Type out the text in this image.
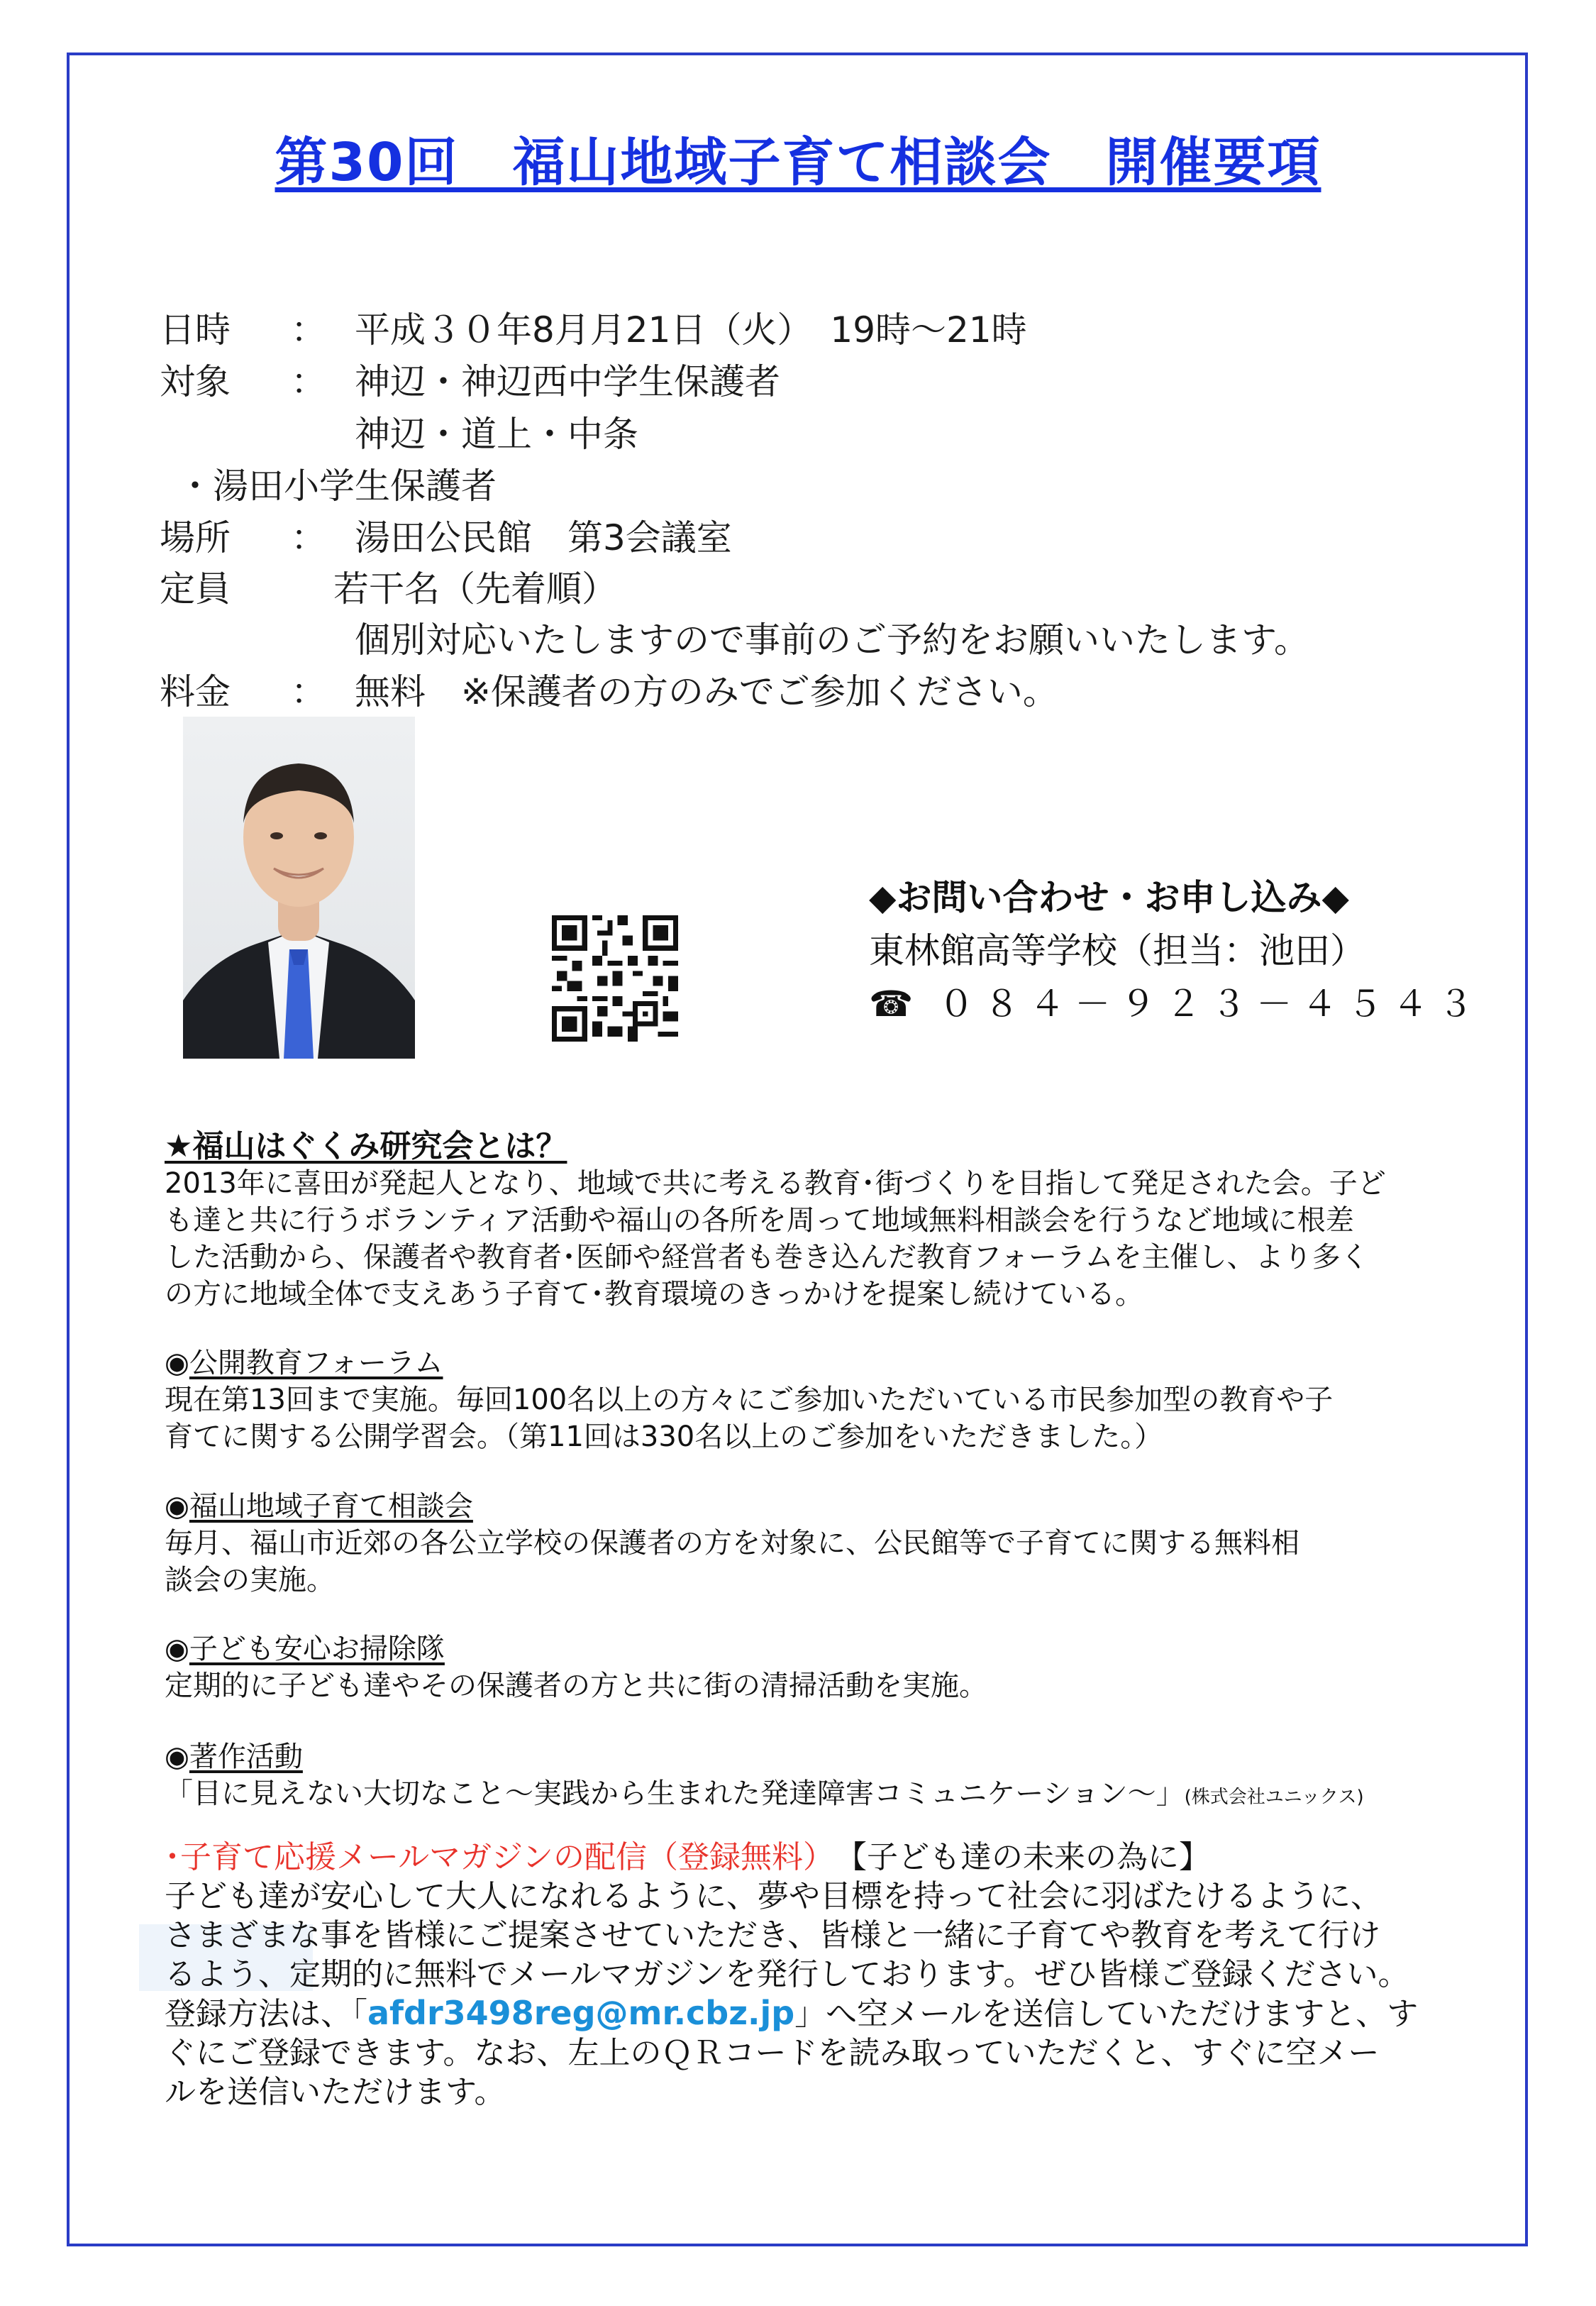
第30回　福山地域子育て相談会　開催要項
日時 ： 平成３０年8月月21日（火）　19時～21時
対象 ： 神辺・神辺西中学生保護者
神辺・道上・中条
・湯田小学生保護者
場所 ： 湯田公民館　第3会議室
定員	若干名（先着順）
個別対応いたしますので事前のご予約をお願いいたします。
料金 ： 無料　※保護者の方のみでご参加ください。
◆お問い合わせ・お申し込み◆
東林館高等学校（担当：池田）
☎ ０８４－９２３－４５４３
★福山はぐくみ研究会とは？
2013年に喜田が発起人となり、地域で共に考える教育･街づくりを目指して発足された会。子ど
も達と共に行うボランティア活動や福山の各所を周って地域無料相談会を行うなど地域に根差
した活動から、保護者や教育者･医師や経営者も巻き込んだ教育フォーラムを主催し、より多く
の方に地域全体で支えあう子育て･教育環境のきっかけを提案し続けている。
◉公開教育フォーラム
現在第13回まで実施。毎回100名以上の方々にご参加いただいている市民参加型の教育や子
育てに関する公開学習会。（第11回は330名以上のご参加をいただきました。）
◉福山地域子育て相談会
毎月、福山市近郊の各公立学校の保護者の方を対象に、公民館等で子育てに関する無料相
談会の実施。
◉子ども安心お掃除隊
定期的に子ども達やその保護者の方と共に街の清掃活動を実施。
◉著作活動
「目に見えない大切なこと～実践から生まれた発達障害コミュニケーション～」(株式会社ユニックス)
･子育て応援メールマガジンの配信（登録無料） 【子ども達の未来の為に】
子ども達が安心して大人になれるように、夢や目標を持って社会に羽ばたけるように、
さまざまな事を皆様にご提案させていただき、皆様と一緒に子育てや教育を考えて行け
るよう、定期的に無料でメールマガジンを発行しております。ぜひ皆様ご登録ください。
登録方法は、「afdr3498reg@mr.cbz.jp」へ空メールを送信していただけますと、す
ぐにご登録できます。なお、左上のＱＲコードを読み取っていただくと、すぐに空メー
ルを送信いただけます。
